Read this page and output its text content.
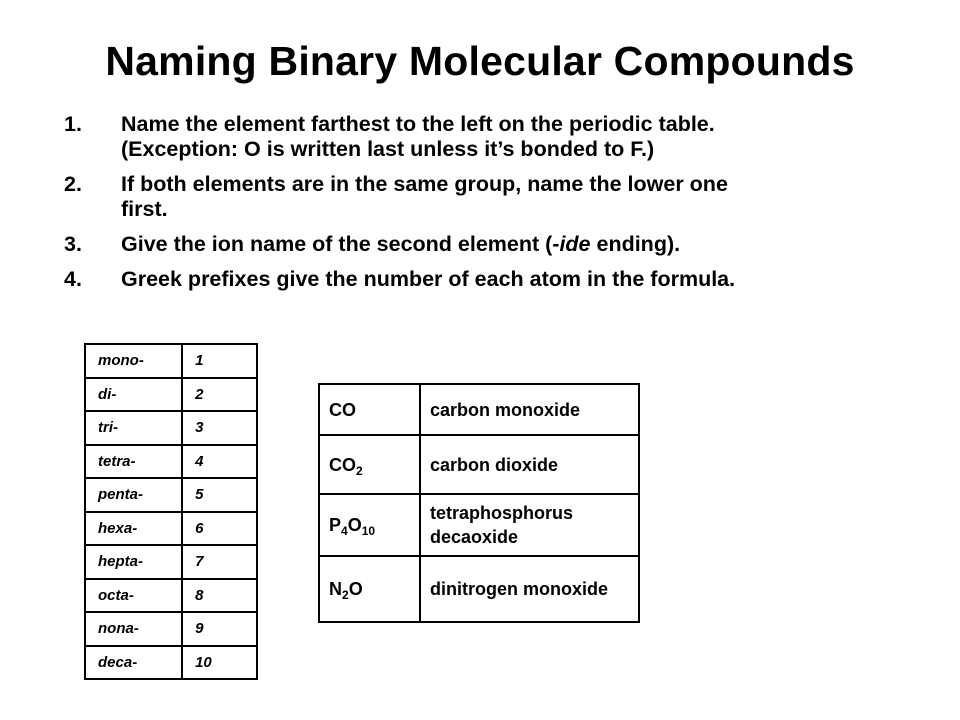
Naming Binary Molecular Compounds
1. Name the element farthest to the left on the periodic table.
(Exception: O is written last unless it’s bonded to F.)
2. If both elements are in the same group, name the lower one
first.
3. Give the ion name of the second element (-ide ending).
4. Greek prefixes give the number of each atom in the formula.
mono-	1
di-	2
tri-	3
tetra-	4
penta-	5
hexa-	6
hepta-	7
octa-	8
nona-	9
deca-	10
CO	carbon monoxide
$CO_2$	carbon dioxide
$P_4O_{10}$	tetraphosphorus decaoxide
$N_2O$	dinitrogen monoxide
